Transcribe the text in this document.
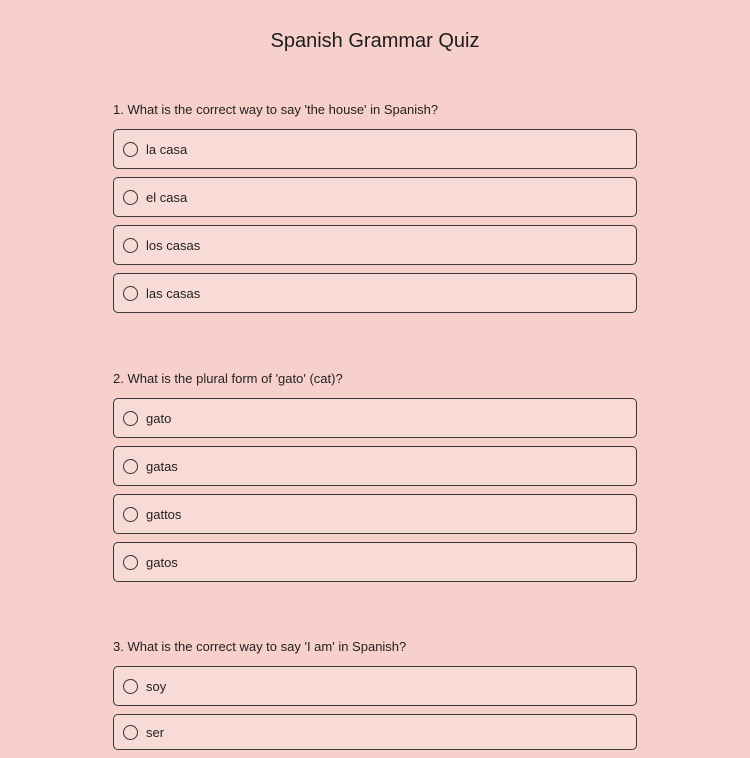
Spanish Grammar Quiz
1. What is the correct way to say 'the house' in Spanish?
la casa
el casa
los casas
las casas
2. What is the plural form of 'gato' (cat)?
gato
gatas
gattos
gatos
3. What is the correct way to say 'I am' in Spanish?
soy
ser
